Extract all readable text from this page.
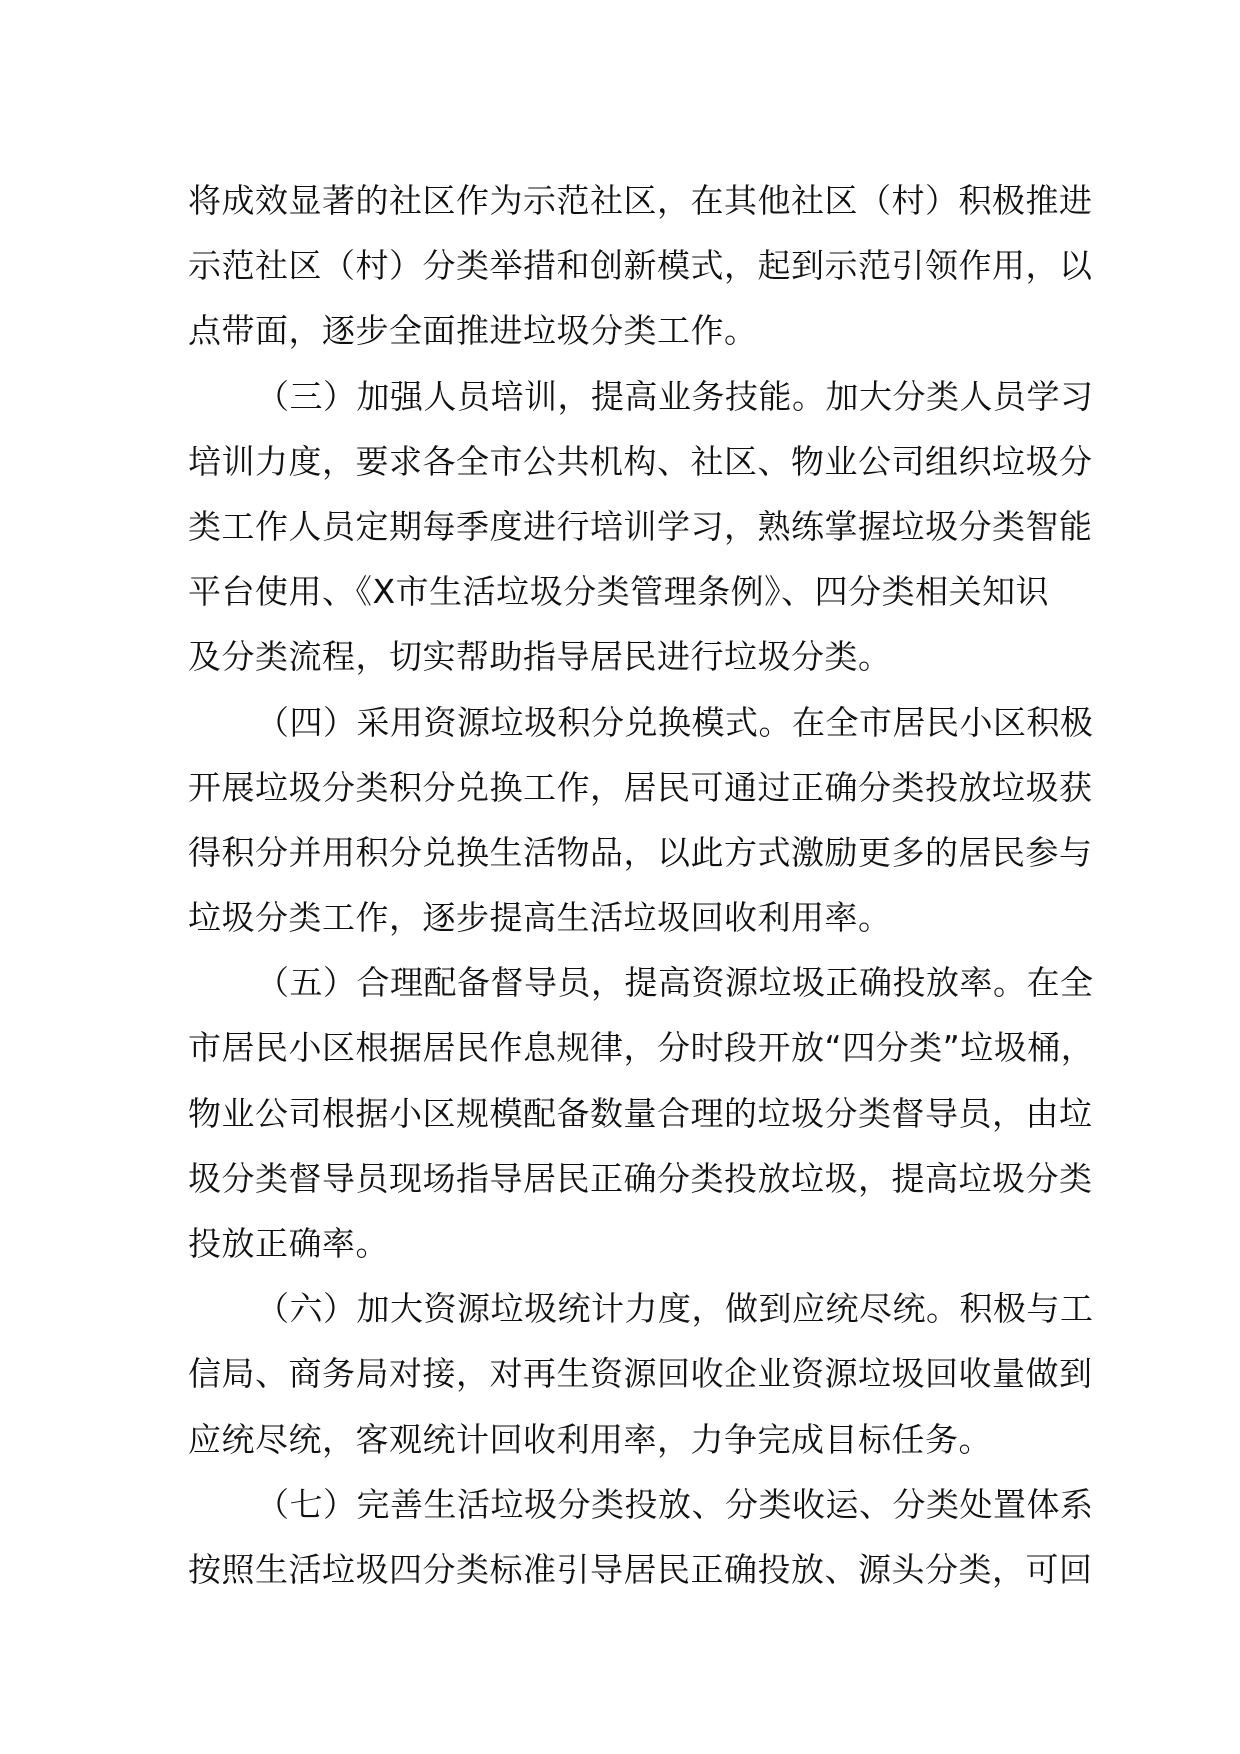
将成效显著的社区作为示范社区，在其他社区（村）积极推进
示范社区（村）分类举措和创新模式，起到示范引领作用，以
点带面，逐步全面推进垃圾分类工作。
（三）加强人员培训，提高业务技能。加大分类人员学习
培训力度，要求各全市公共机构、社区、物业公司组织垃圾分
类工作人员定期每季度进行培训学习，熟练掌握垃圾分类智能
平台使用、《X市生活垃圾分类管理条例》、四分类相关知识
及分类流程，切实帮助指导居民进行垃圾分类。
（四）采用资源垃圾积分兑换模式。在全市居民小区积极
开展垃圾分类积分兑换工作，居民可通过正确分类投放垃圾获
得积分并用积分兑换生活物品，以此方式激励更多的居民参与
垃圾分类工作，逐步提高生活垃圾回收利用率。
（五）合理配备督导员，提高资源垃圾正确投放率。在全
市居民小区根据居民作息规律，分时段开放“四分类”垃圾桶，
物业公司根据小区规模配备数量合理的垃圾分类督导员，由垃
圾分类督导员现场指导居民正确分类投放垃圾，提高垃圾分类
投放正确率。
（六）加大资源垃圾统计力度，做到应统尽统。积极与工
信局、商务局对接，对再生资源回收企业资源垃圾回收量做到
应统尽统，客观统计回收利用率，力争完成目标任务。
（七）完善生活垃圾分类投放、分类收运、分类处置体系
按照生活垃圾四分类标准引导居民正确投放、源头分类，可回
